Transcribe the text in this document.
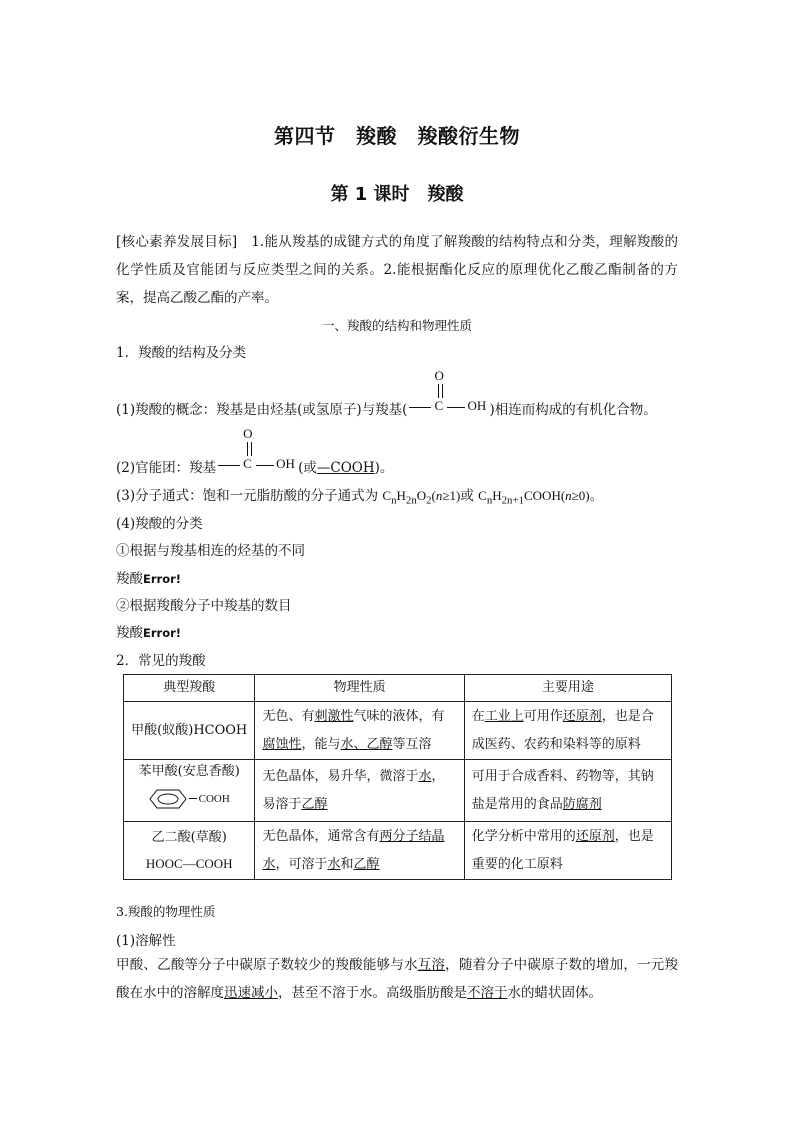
第四节　羧酸　羧酸衍生物
第 1 课时　羧酸
[核心素养发展目标]　1.能从羧基的成键方式的角度了解羧酸的结构特点和分类，理解羧酸的化学性质及官能团与反应类型之间的关系。2.能根据酯化反应的原理优化乙酸乙酯制备的方案，提高乙酸乙酯的产率。
一、羧酸的结构和物理性质
1．羧酸的结构及分类
(1)羧酸的概念：羧基是由烃基(或氢原子)与羧基(
O
C OH )相连而构成的有机化合物。
(2)官能团：羧基
O
C OH (或—COOH)。
(3)分子通式：饱和一元脂肪酸的分子通式为 $C_nH_{2n}O_2(n\ge 1)$或 $C_nH_{2n+1}COOH(n\ge 0)$。
(4)羧酸的分类
①根据与羧基相连的烃基的不同
羧酸Error!
②根据羧酸分子中羧基的数目
羧酸Error!
2．常见的羧酸
典型羧酸	物理性质	主要用途
甲酸(蚁酸)HCOOH	无色、有刺激性气味的液体，有腐蚀性，能与水、乙醇等互溶	在工业上可用作还原剂，也是合成医药、农药和染料等的原料

苯甲酸(安息香酸)
COOH	无色晶体，易升华，微溶于水，易溶于乙醇	可用于合成香料、药物等，其钠盐是常用的食品防腐剂

乙二酸(草酸)
HOOC—COOH	无色晶体，通常含有两分子结晶水，可溶于水和乙醇	化学分析中常用的还原剂，也是重要的化工原料
3.羧酸的物理性质
(1)溶解性
甲酸、乙酸等分子中碳原子数较少的羧酸能够与水互溶，随着分子中碳原子数的增加，一元羧酸在水中的溶解度迅速减小，甚至不溶于水。高级脂肪酸是不溶于水的蜡状固体。
